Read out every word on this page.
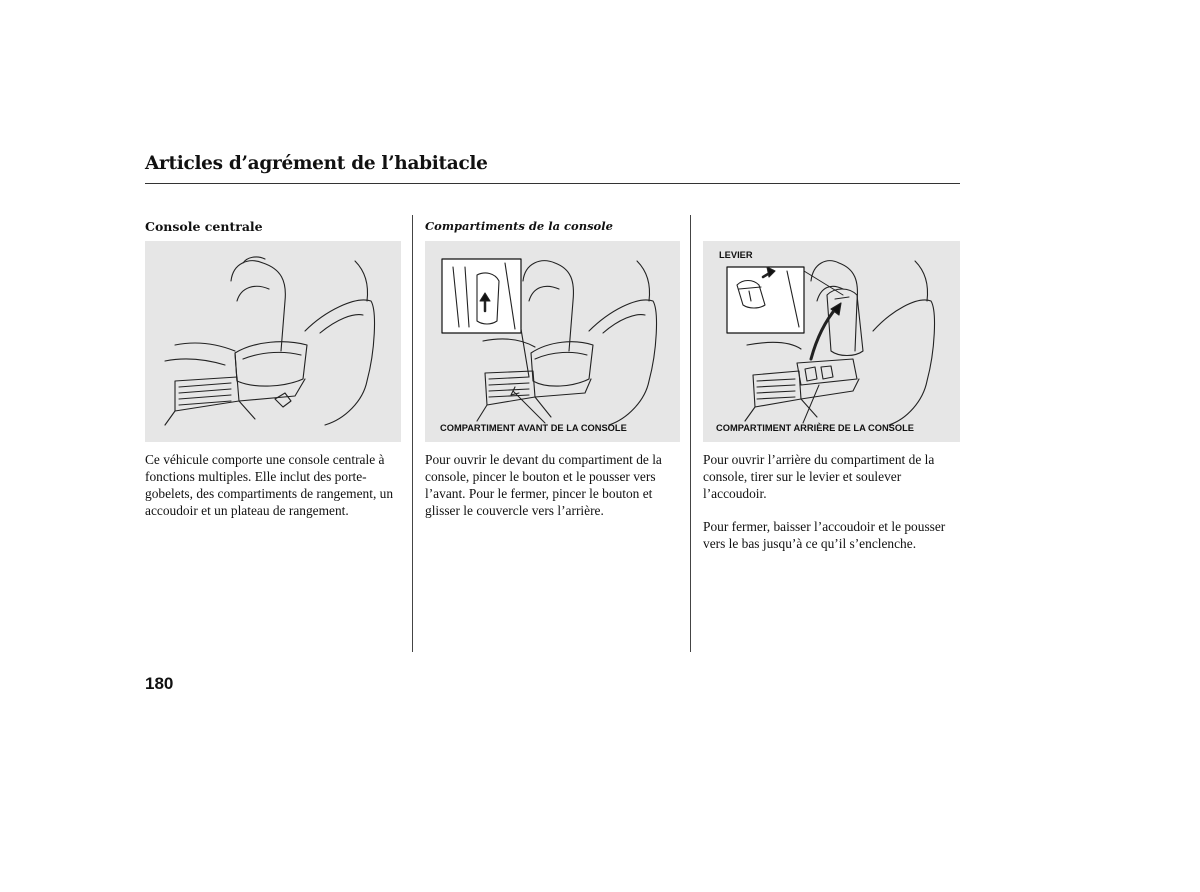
Articles d’agrément de l’habitacle
Console centrale

Ce véhicule comporte une console centrale à fonctions multiples. Elle inclut des porte-gobelets, des compartiments de rangement, un accoudoir et un plateau de rangement.

Compartiments de la console
COMPARTIMENT AVANT DE LA CONSOLE

Pour ouvrir le devant du compartiment de la console, pincer le bouton et le pousser vers l’avant. Pour le fermer, pincer le bouton et glisser le couvercle vers l’arrière.

LEVIER
COMPARTIMENT ARRIÈRE DE LA CONSOLE

Pour ouvrir l’arrière du compartiment de la console, tirer sur le levier et soulever l’accoudoir.

Pour fermer, baisser l’accoudoir et le pousser vers le bas jusqu’à ce qu’il s’enclenche.

180
